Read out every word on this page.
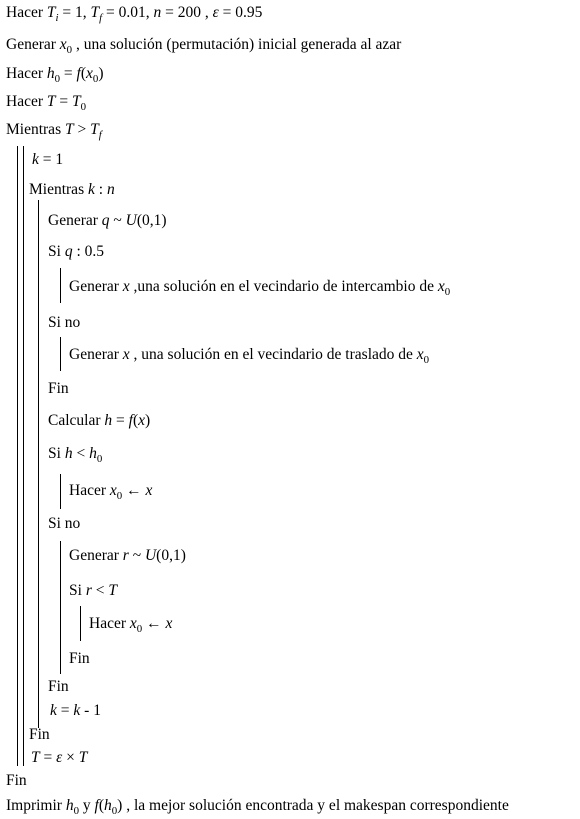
Hacer $T_i = 1$, $T_f = 0.01$, n = 200 , ε = 0.95
Generar $x_0$ , una solución (permutación) inicial generada al azar
Hacer $h_0 = f(x_0)$
Hacer $T = T_0$
Mientras $T > T_f$
k = 1
Mientras k : n
Generar q ~ U(0,1)
Si q : 0.5
Generar x ,una solución en el vecindario de intercambio de $x_0$
Si no
Generar x , una solución en el vecindario de traslado de $x_0$
Fin
Calcular h = f(x)
Si $h < h_0$
Hacer $x_0$ ← x
Si no
Generar r ~ U(0,1)
Si r < T
Hacer $x_0$ ← x
Fin
Fin
k = k - 1
Fin
T = ε × T
Fin
Imprimir $h_0$ y $f(h_0)$ , la mejor solución encontrada y el makespan correspondiente
